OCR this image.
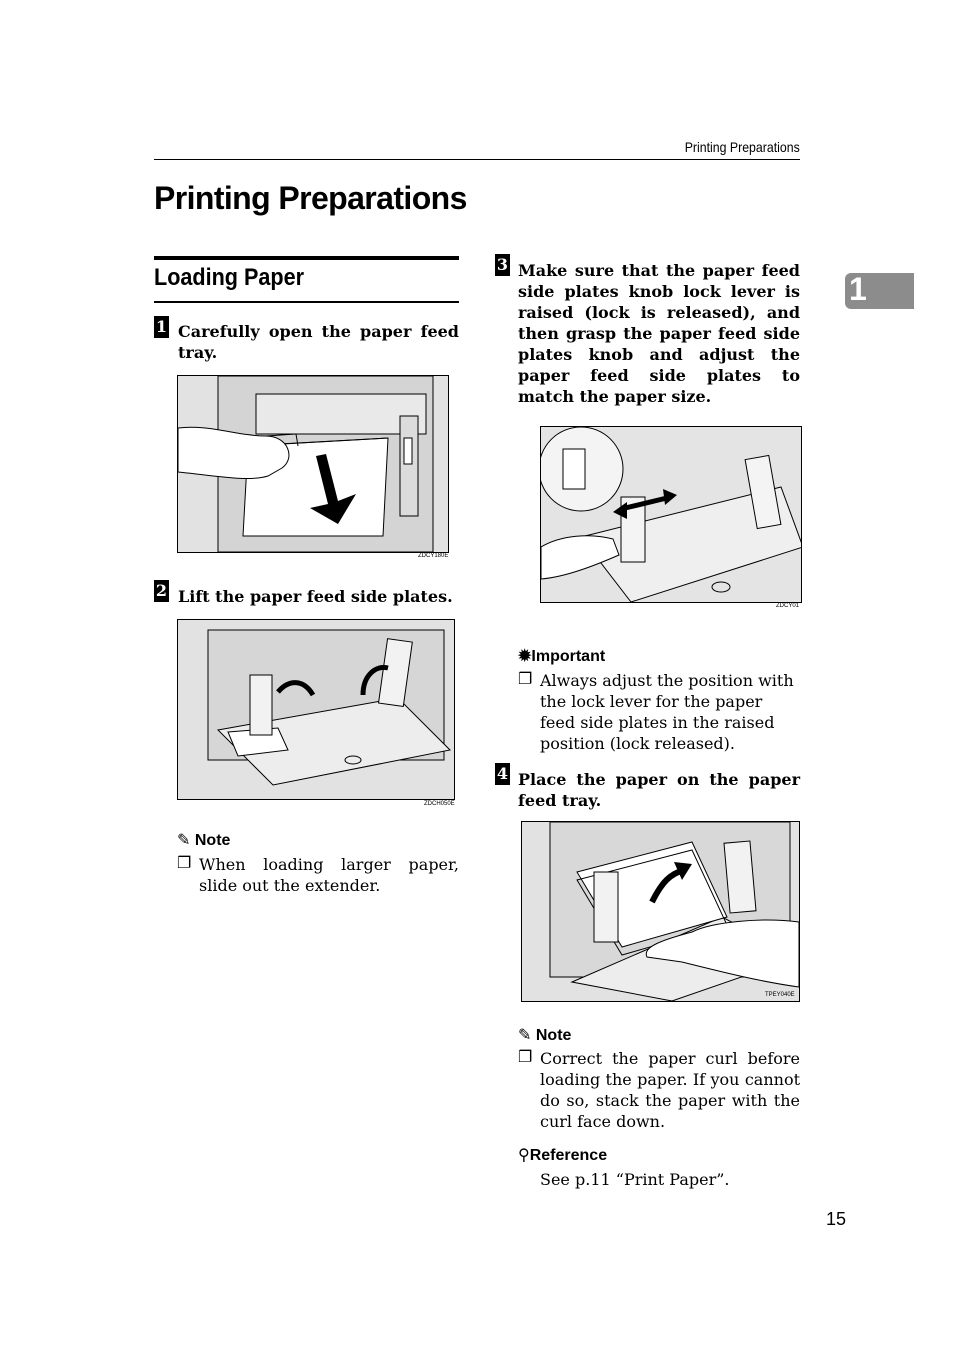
Printing Preparations
1
Printing Preparations
Loading Paper
1 Carefully open the paper feed tray.
ZDCY180E
2 Lift the paper feed side plates.
ZDCH050E
✎ Note
❐ When loading larger paper, slide out the extender.
3 Make sure that the paper feed side plates knob lock lever is raised (lock is released), and then grasp the paper feed side plates knob and adjust the paper feed side plates to match the paper size.
ZDCY01
✹Important
❐ Always adjust the position with the lock lever for the paper feed side plates in the raised position (lock released).
4 Place the paper on the paper feed tray.
TPEY040E
✎ Note
❐ Correct the paper curl before loading the paper. If you cannot do so, stack the paper with the curl face down.
⚲Reference
See p.11 “Print Paper”.
15
